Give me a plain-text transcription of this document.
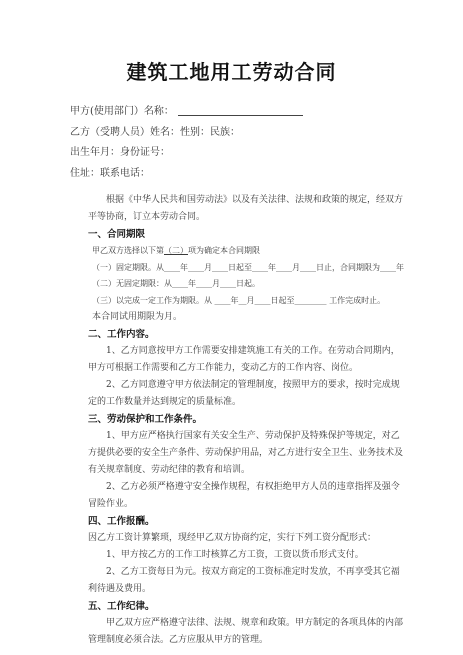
建筑工地用工劳动合同
甲方(使用部门）名称：
乙方（受聘人员）姓名：性别：民族：
出生年月：身份证号：
住址：联系电话：

根据《中华人民共和国劳动法》以及有关法律、法规和政策的规定，经双方平等协商，订立本劳动合同。

一、合同期限

甲乙双方选择以下第（二）项为确定本合同期限

（一）固定期限。从____年____月____日起至____年____月____日止，合同期限为____年

（二）无固定期限：从____年____月____日起。

（三）以完成一定工作为期限。从 ____年__月____日起至________ 工作完成时止。

本合同试用期限为月。

二、工作内容。

1、乙方同意按甲方工作需要安排建筑施工有关的工作。在劳动合同期内，甲方可根据工作需要和乙方工作能力，变动乙方的工作内容、岗位。

2、乙方同意遵守甲方依法制定的管理制度，按照甲方的要求，按时完成规定的工作数量并达到规定的质量标准。

三、劳动保护和工作条件。

1、甲方应严格执行国家有关安全生产、劳动保护及特殊保护等规定，对乙方提供必要的安全生产条件、劳动保护用品，对乙方进行安全卫生、业务技术及有关规章制度、劳动纪律的教育和培训。

2、乙方必须严格遵守安全操作规程，有权拒绝甲方人员的违章指挥及强令冒险作业。

四、工作报酬。

因乙方工资计算繁琐，现经甲乙双方协商约定，实行下列工资分配形式：

1、甲方按乙方的工作工时核算乙方工资，工资以货币形式支付。

2、乙方工资每日为元。按双方商定的工资标准定时发放，不再享受其它福利待遇及费用。

五、工作纪律。

甲乙双方应严格遵守法律、法规、规章和政策。甲方制定的各项具体的内部管理制度必须合法。乙方应服从甲方的管理。
